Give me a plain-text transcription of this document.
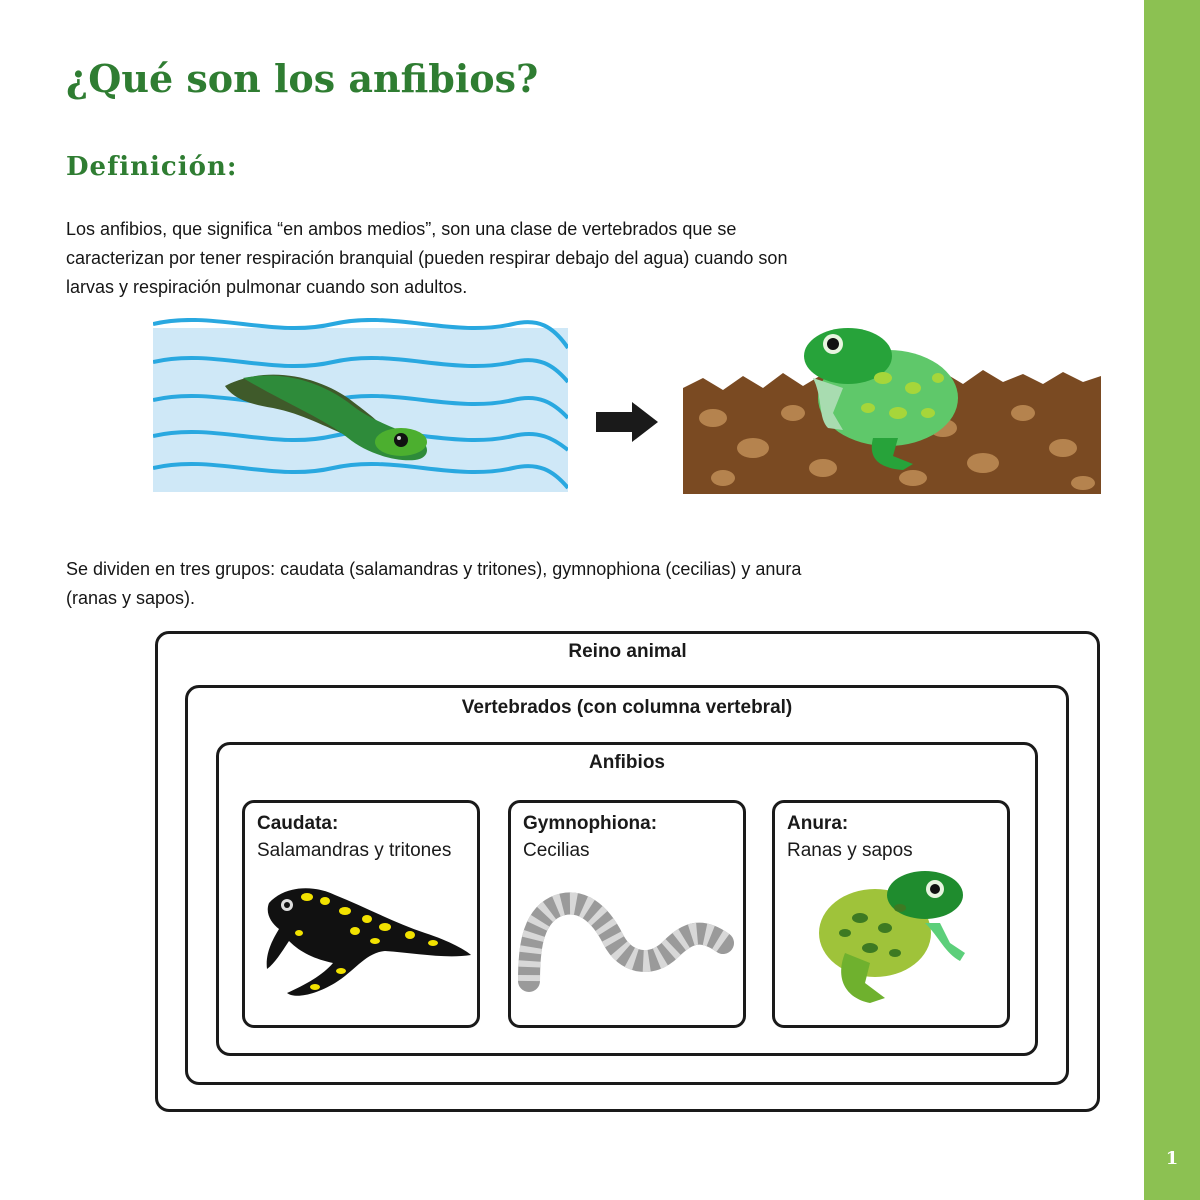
1
¿Qué son los anfibios?
Definición:

Los anfibios, que significa “en ambos medios”, son una clase de vertebrados que se caracterizan por tener respiración branquial (pueden respirar debajo del agua) cuando son larvas y respiración pulmonar cuando son adultos.

Se dividen en tres grupos: caudata (salamandras y tritones), gymnophiona (cecilias) y anura (ranas y sapos).

Reino animal
Vertebrados (con columna vertebral)
Anfibios
Caudata:
Salamandras y tritones
Gymnophiona:
Cecilias
Anura:
Ranas y sapos
